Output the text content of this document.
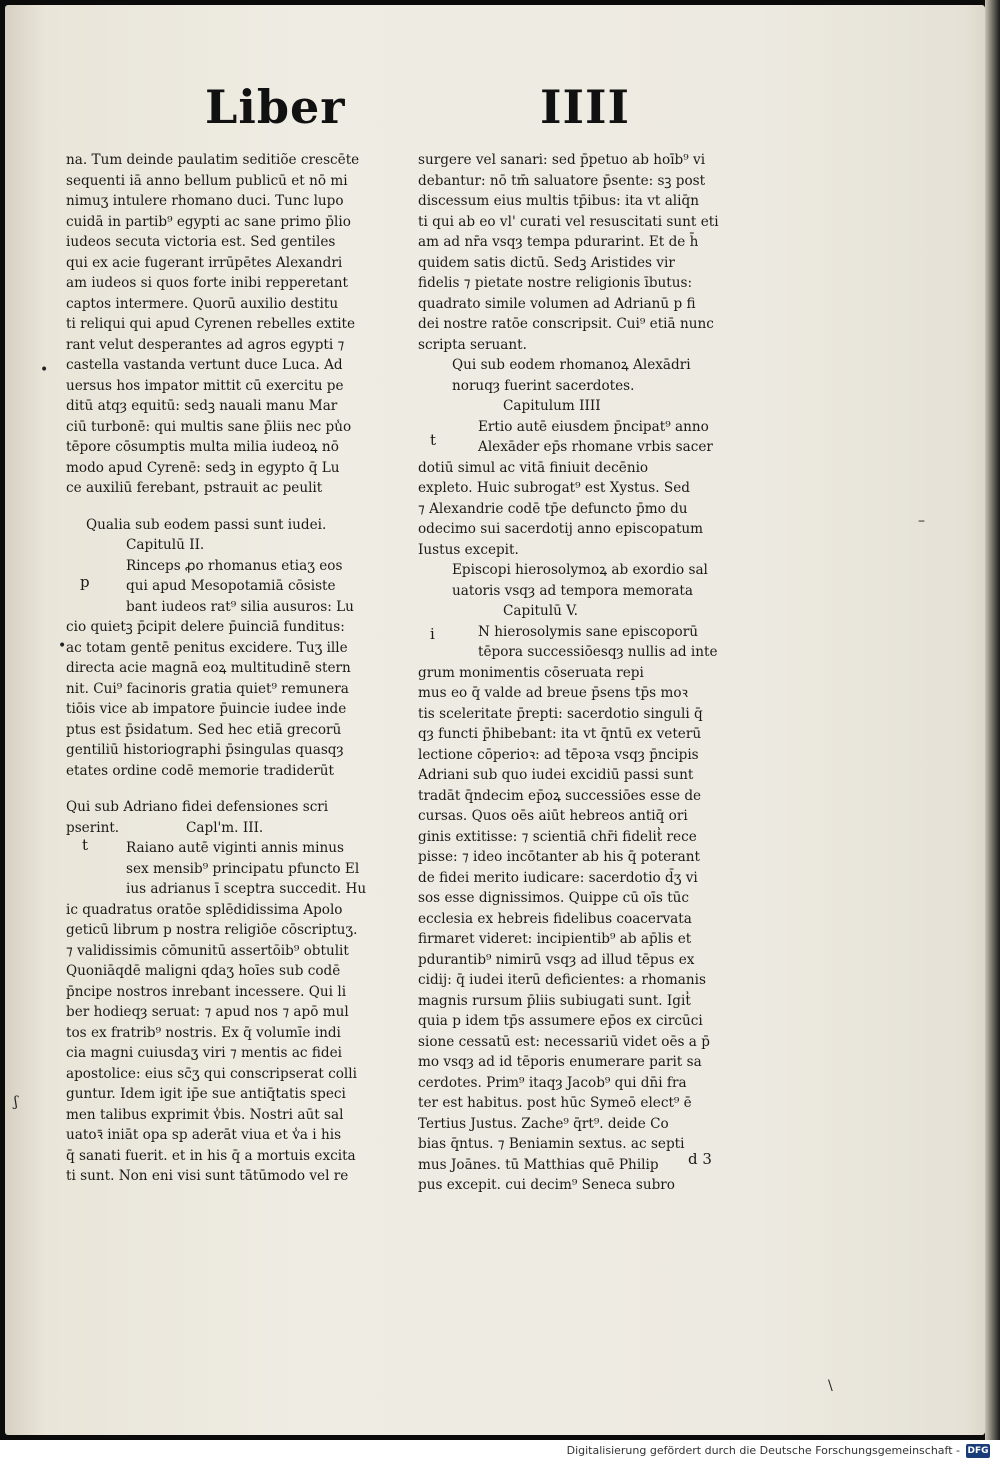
Liber	IIII
na. Tum deinde paulatim seditiõe crescēte
sequenti iā anno bellum publicū et nō mi
nimuʒ intulere rhomano duci. Tunc lupo
cuidā in partib⁹ egypti ac sane primo p̄lio
iudeos secuta victoria est. Sed gentiles
qui ex acie fugerant irrūpētes Alexandri
am iudeos si quos forte inibi repperetant
captos intermere. Quorū auxilio destitu
ti reliqui qui apud Cyrenen rebelles extite
rant velut desperantes ad agros egypti ⁊
castella vastanda vertunt duce Luca. Ad
uersus hos impator mittit cū exercitu pe
ditū atqȝ equitū: sedꝫ nauali manu Mar
ciū turbonē: qui multis sane p̄liis nec pu̾o
tēpore cōsumptis multa milia iudeoꝝ nō
modo apud Cyrenē: sedꝫ in egypto q̄ Lu
ce auxiliū ferebant, pstrauit ac peulit
Qualia sub eodem passi sunt iudei.
Capitulū II.
Rinceps ꝓo rhomanus etiaʒ eos
qui apud Mesopotamiā cōsiste
bant iudeos rat⁹ silia ausuros: Lu
cio quietꝫ p̄cipit delere p̄uinciā funditus:
ac totam gentē penitus excidere. Tuʒ ille
directa acie magnā eoꝝ multitudinē stern
nit. Cui⁹ facinoris gratia quiet⁹ remunera
tiōis vice ab impatore p̄uincie iudee inde
ptus est p̄sidatum. Sed hec etiā grecorū
gentiliū historiographi p̄singulas quasqȝ
etates ordine codē memorie tradiderūt
Qui sub Adriano fidei defensiones scri
pserint.	Capl'm. III.
Raiano autē viginti annis minus
sex mensib⁹ principatu pfuncto El
ius adrianus ī sceptra succedit. Hu
ic quadratus oratōe splēdidissima Apolo
geticū librum p nostra religiōe cōscriptuʒ.
⁊ validissimis cōmunitū assertōib⁹ obtulit
Quoniāqdē maligni qdaʒ hoīes sub codē
p̄ncipe nostros inrebant incessere. Qui li
ber hodieqȝ seruat: ⁊ apud nos ⁊ apō mul
tos ex fratrib⁹ nostris. Ex q̄ volumīe indi
cia magni cuiusdaʒ viri ⁊ mentis ac fidei
apostolice: eius sc̄ʒ qui conscripserat colli
guntur. Idem igit ip̄e sue antiq̄tatis speci
men talibus exprimit v̾bis. Nostri aūt sal
uatoꝛ̄ iniāt opa sp aderāt viua et v̾a i his
q̄ sanati fuerit. et in his q̄ a mortuis excita
ti sunt. Non eni visi sunt tātūmodo vel re
p
t
surgere vel sanari: sed p̄petuo ab hoīb⁹ vi
debantur: nō tm̄ saluatore p̄sente: sꝫ post
discessum eius multis tp̄ibus: ita vt aliq̄n
ti qui ab eo vl' curati vel resuscitati sunt eti
am ad nr̄a vsqȝ tempa pdurarint. Et de h̄
quidem satis dictū. Sedꝫ Aristides vir
fidelis ⁊ pietate nostre religionis ībutus:
quadrato simile volumen ad Adrianū p fi
dei nostre ratōe conscripsit. Cui⁹ etiā nunc
scripta seruant.
Qui sub eodem rhomanoꝝ Alexādri
noruqȝ fuerint sacerdotes.
Capitulum IIII
Ertio autē eiusdem p̄ncipat⁹ anno
Alexāder ep̄s rhomane vrbis sacer
dotiū simul ac vitā finiuit decēnio
expleto. Huic subrogat⁹ est Xystus. Sed
⁊ Alexandrie codē tp̄e defuncto p̄mo du
odecimo sui sacerdotij anno episcopatum
Iustus excepit.
Episcopi hierosolymoꝝ ab exordio sal
uatoris vsqȝ ad tempora memorata
Capitulū V.
N hierosolymis sane episcoporū
tēpora successiōesqȝ nullis ad inte
grum monimentis cōseruata repi
mus eo q̄ valde ad breue p̄sens tp̄s moꝛ
tis sceleritate p̄repti: sacerdotio singuli q̄
qȝ functi p̄hibebant: ita vt q̄ntū ex veterū
lectione cōperioꝛ: ad tēpoꝛa vsqȝ p̄ncipis
Adriani sub quo iudei excidiū passi sunt
tradāt q̄ndecim ep̄oꝝ successiōes esse de
cursas. Quos oēs aiūt hebreos antiq̄ ori
ginis extitisse: ⁊ scientiā chr̄i fidelit̾ rece
pisse: ⁊ ideo incōtanter ab his q̄ poterant
de fidei merito iudicare: sacerdotio d̄ʒ vi
sos esse dignissimos. Quippe cū oīs tūc
ecclesia ex hebreis fidelibus coacervata
firmaret videret: incipientib⁹ ab ap̄lis et
pdurantib⁹ nimirū vsqȝ ad illud tēpus ex
cidij: q̄ iudei iterū deficientes: a rhomanis
magnis rursum p̄liis subiugati sunt. Igit̾
quia p idem tp̄s assumere ep̄os ex circūci
sione cessatū est: necessariū videt oēs a p̄
mo vsqȝ ad id tēporis enumerare parit sa
cerdotes. Prim⁹ itaqȝ Jacob⁹ qui dn̄i fra
ter est habitus. post hūc Symeō elect⁹ ē
Tertius Justus. Zache⁹ q̄rt⁹. deide Co
bias q̄ntus. ⁊ Beniamin sextus. ac septi
mus Joānes. tū Matthias quē Philip
pus excepit. cui decim⁹ Seneca subro
t
i
•
•
ʃ
–
\
d 3
Digitalisierung gefördert durch die Deutsche Forschungsgemeinschaft - DFG
